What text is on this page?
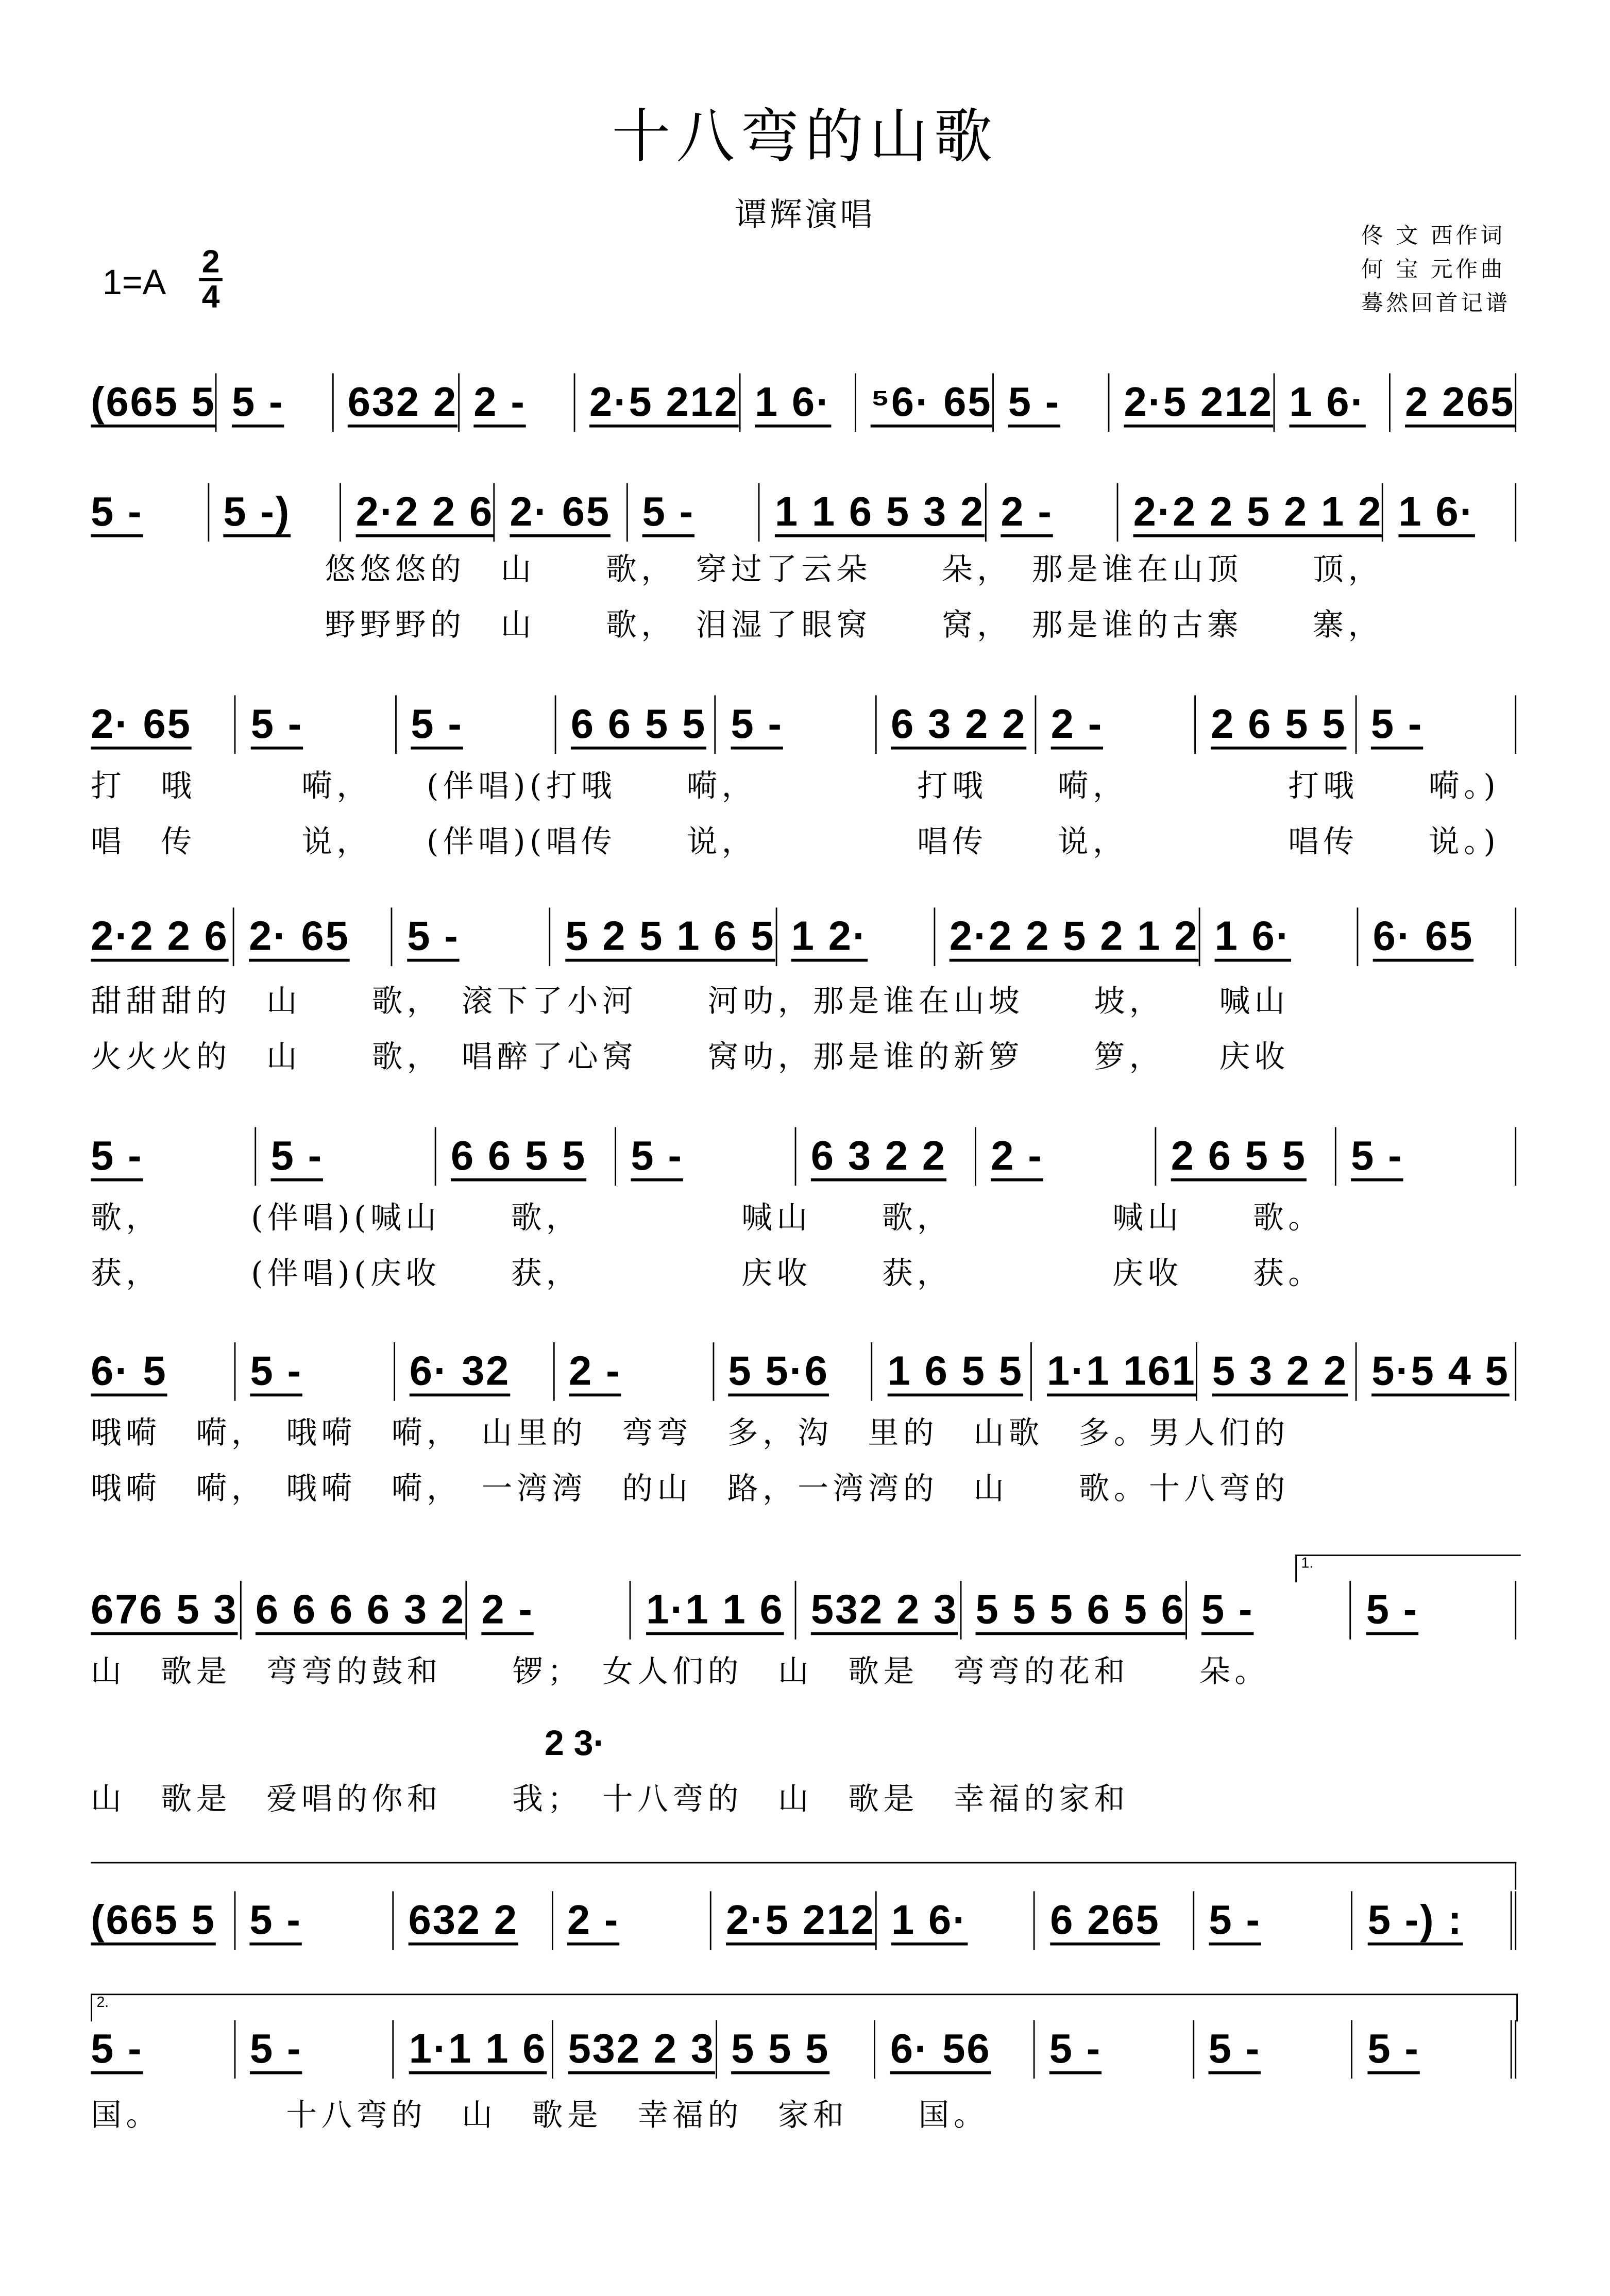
十八弯的山歌
谭辉演唱
佟 文 西作词
何 宝 元作曲
蓦然回首记谱
1=A
2
4
2 3·
1.
2.
(665 5	5 -	632 2	2 -	2·5 212	1 6·	⁵6· 65	5 -	2·5 212	1 6·	2 265
5 -	5 -)	2·2 2 6	2· 65	5 -	1 1 6 5 3 2	2 -	2·2 2 5 2 1 2	1 6·
悠悠悠的　山　　歌，　穿过了云朵　　朵，　那是谁在山顶　　顶，
野野野的　山　　歌，　泪湿了眼窝　　窝，　那是谁的古寨　　寨，
2· 65	5 -	5 -	6 6 5 5	5 -	6 3 2 2	2 -	2 6 5 5	5 -
打　哦　　　嗬，　　(伴唱)(打哦　　嗬，　　　　　打哦　　嗬，　　　　　打哦　　嗬。)
唱　传　　　说，　　(伴唱)(唱传　　说，　　　　　唱传　　说，　　　　　唱传　　说。)
2·2 2 6	2· 65	5 -	5 2 5 1 6 5	1 2·	2·2 2 5 2 1 2	1 6·	6· 65
甜甜甜的　山　　歌，　滚下了小河　　河叻，那是谁在山坡　　坡，　　喊山
火火火的　山　　歌，　唱醉了心窝　　窝叻，那是谁的新箩　　箩，　　庆收
5 -	5 -	6 6 5 5	5 -	6 3 2 2	2 -	2 6 5 5	5 -
歌，　　　(伴唱)(喊山　　歌，　　　　　喊山　　歌，　　　　　喊山　　歌。
获，　　　(伴唱)(庆收　　获，　　　　　庆收　　获，　　　　　庆收　　获。
6· 5	5 -	6· 32	2 -	5 5·6	1 6 5 5	1·1 161	5 3 2 2	5·5 4 5
哦嗬　嗬，　哦嗬　嗬，　山里的　弯弯　多，沟　里的　山歌　多。男人们的
哦嗬　嗬，　哦嗬　嗬，　一湾湾　的山　路，一湾湾的　山　　歌。十八弯的
676 5 3	6 6 6 6 3 2	2 -	1·1 1 6	532 2 3	5 5 5 6 5 6	5 -	5 -
山　歌是　弯弯的鼓和　　锣；　女人们的　山　歌是　弯弯的花和　　朵。
山　歌是　爱唱的你和　　我；　十八弯的　山　歌是　幸福的家和
(665 5	5 -	632 2	2 -	2·5 212	1 6·	6 265	5 -	5 -) :
5 -	5 -	1·1 1 6	532 2 3	5 5 5	6· 56	5 -	5 -	5 -
国。　　　　十八弯的　山　歌是　幸福的　家和　　国。
